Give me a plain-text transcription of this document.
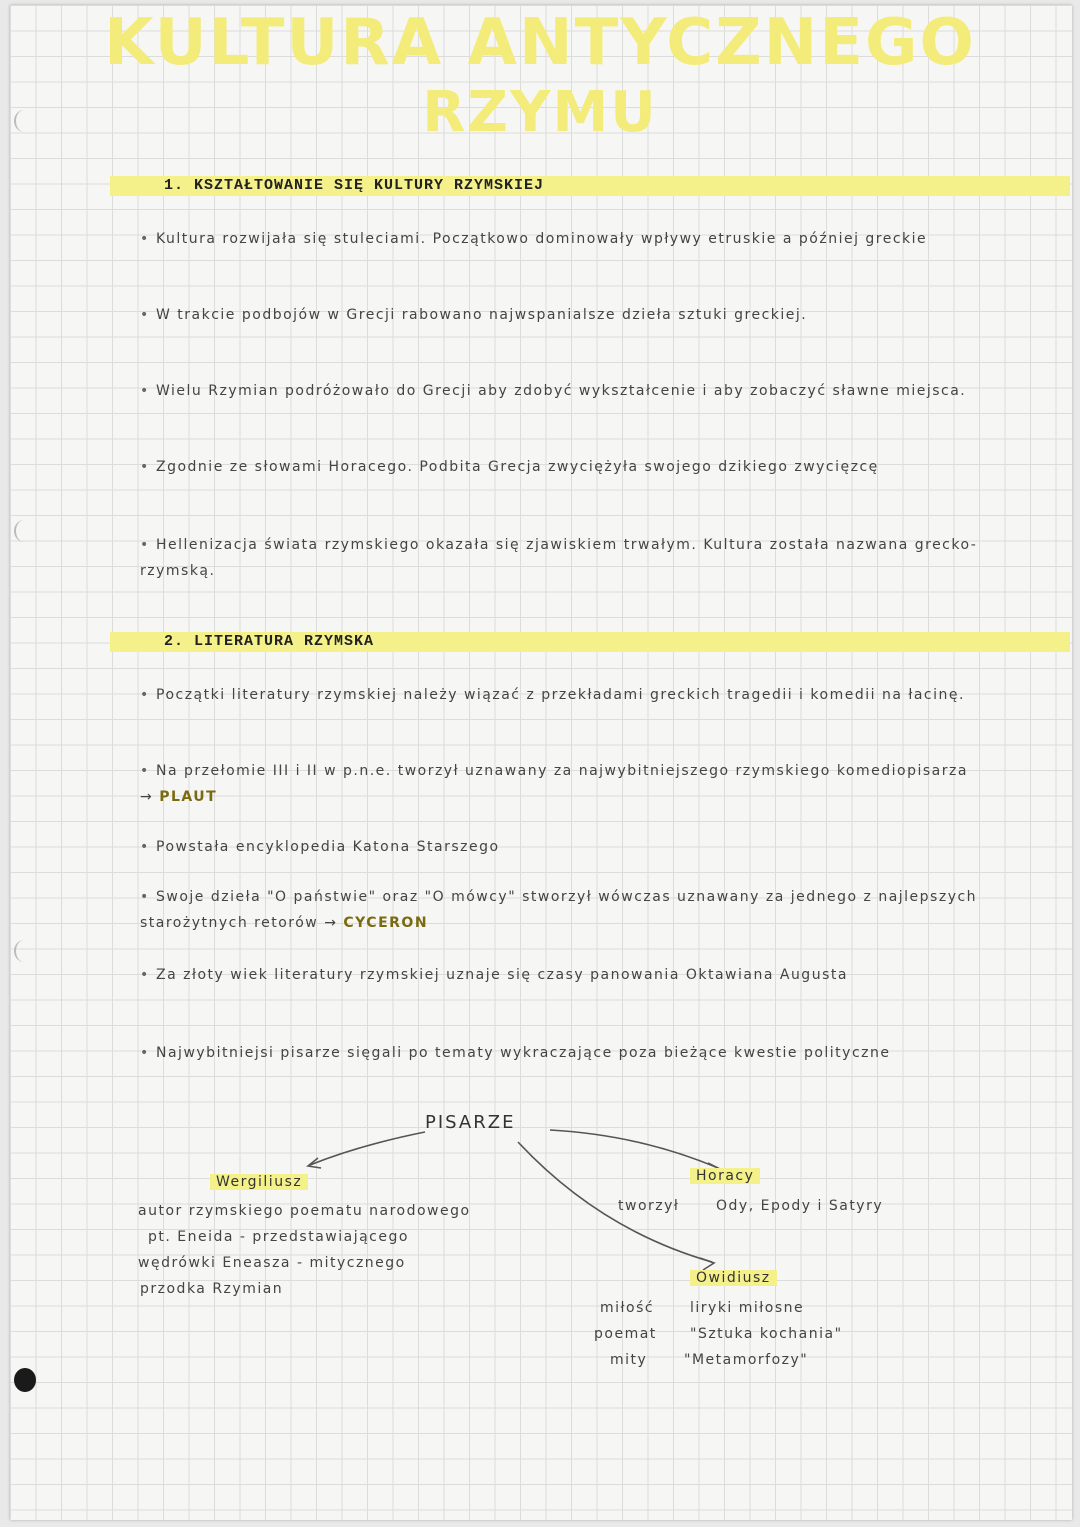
KULTURA ANTYCZNEGO
RZYMU
1. KSZTAŁTOWANIE SIĘ KULTURY RZYMSKIEJ
• Kultura rozwijała się stuleciami. Początkowo dominowały wpływy etruskie a później greckie
• W trakcie podbojów w Grecji rabowano najwspanialsze dzieła sztuki greckiej.
• Wielu Rzymian podróżowało do Grecji aby zdobyć wykształcenie i aby zobaczyć sławne miejsca.
• Zgodnie ze słowami Horacego. Podbita Grecja zwyciężyła swojego dzikiego zwycięzcę
• Hellenizacja świata rzymskiego okazała się zjawiskiem trwałym. Kultura została nazwana grecko-rzymską.
2. LITERATURA RZYMSKA
• Początki literatury rzymskiej należy wiązać z przekładami greckich tragedii i komedii na łacinę.
• Na przełomie III i II w p.n.e. tworzył uznawany za najwybitniejszego rzymskiego komediopisarza → PLAUT
• Powstała encyklopedia Katona Starszego
• Swoje dzieła "O państwie" oraz "O mówcy" stworzył wówczas uznawany za jednego z najlepszych starożytnych retorów → CYCERON
• Za złoty wiek literatury rzymskiej uznaje się czasy panowania Oktawiana Augusta
• Najwybitniejsi pisarze sięgali po tematy wykraczające poza bieżące kwestie polityczne
PISARZE
Wergiliusz
autor rzymskiego poematu narodowego
pt. Eneida - przedstawiającego
wędrówki Eneasza - mitycznego
przodka Rzymian
Horacy
tworzył	Ody, Epody i Satyry
Owidiusz
miłość	liryki miłosne
poemat "Sztuka kochania"
mity	"Metamorfozy"
